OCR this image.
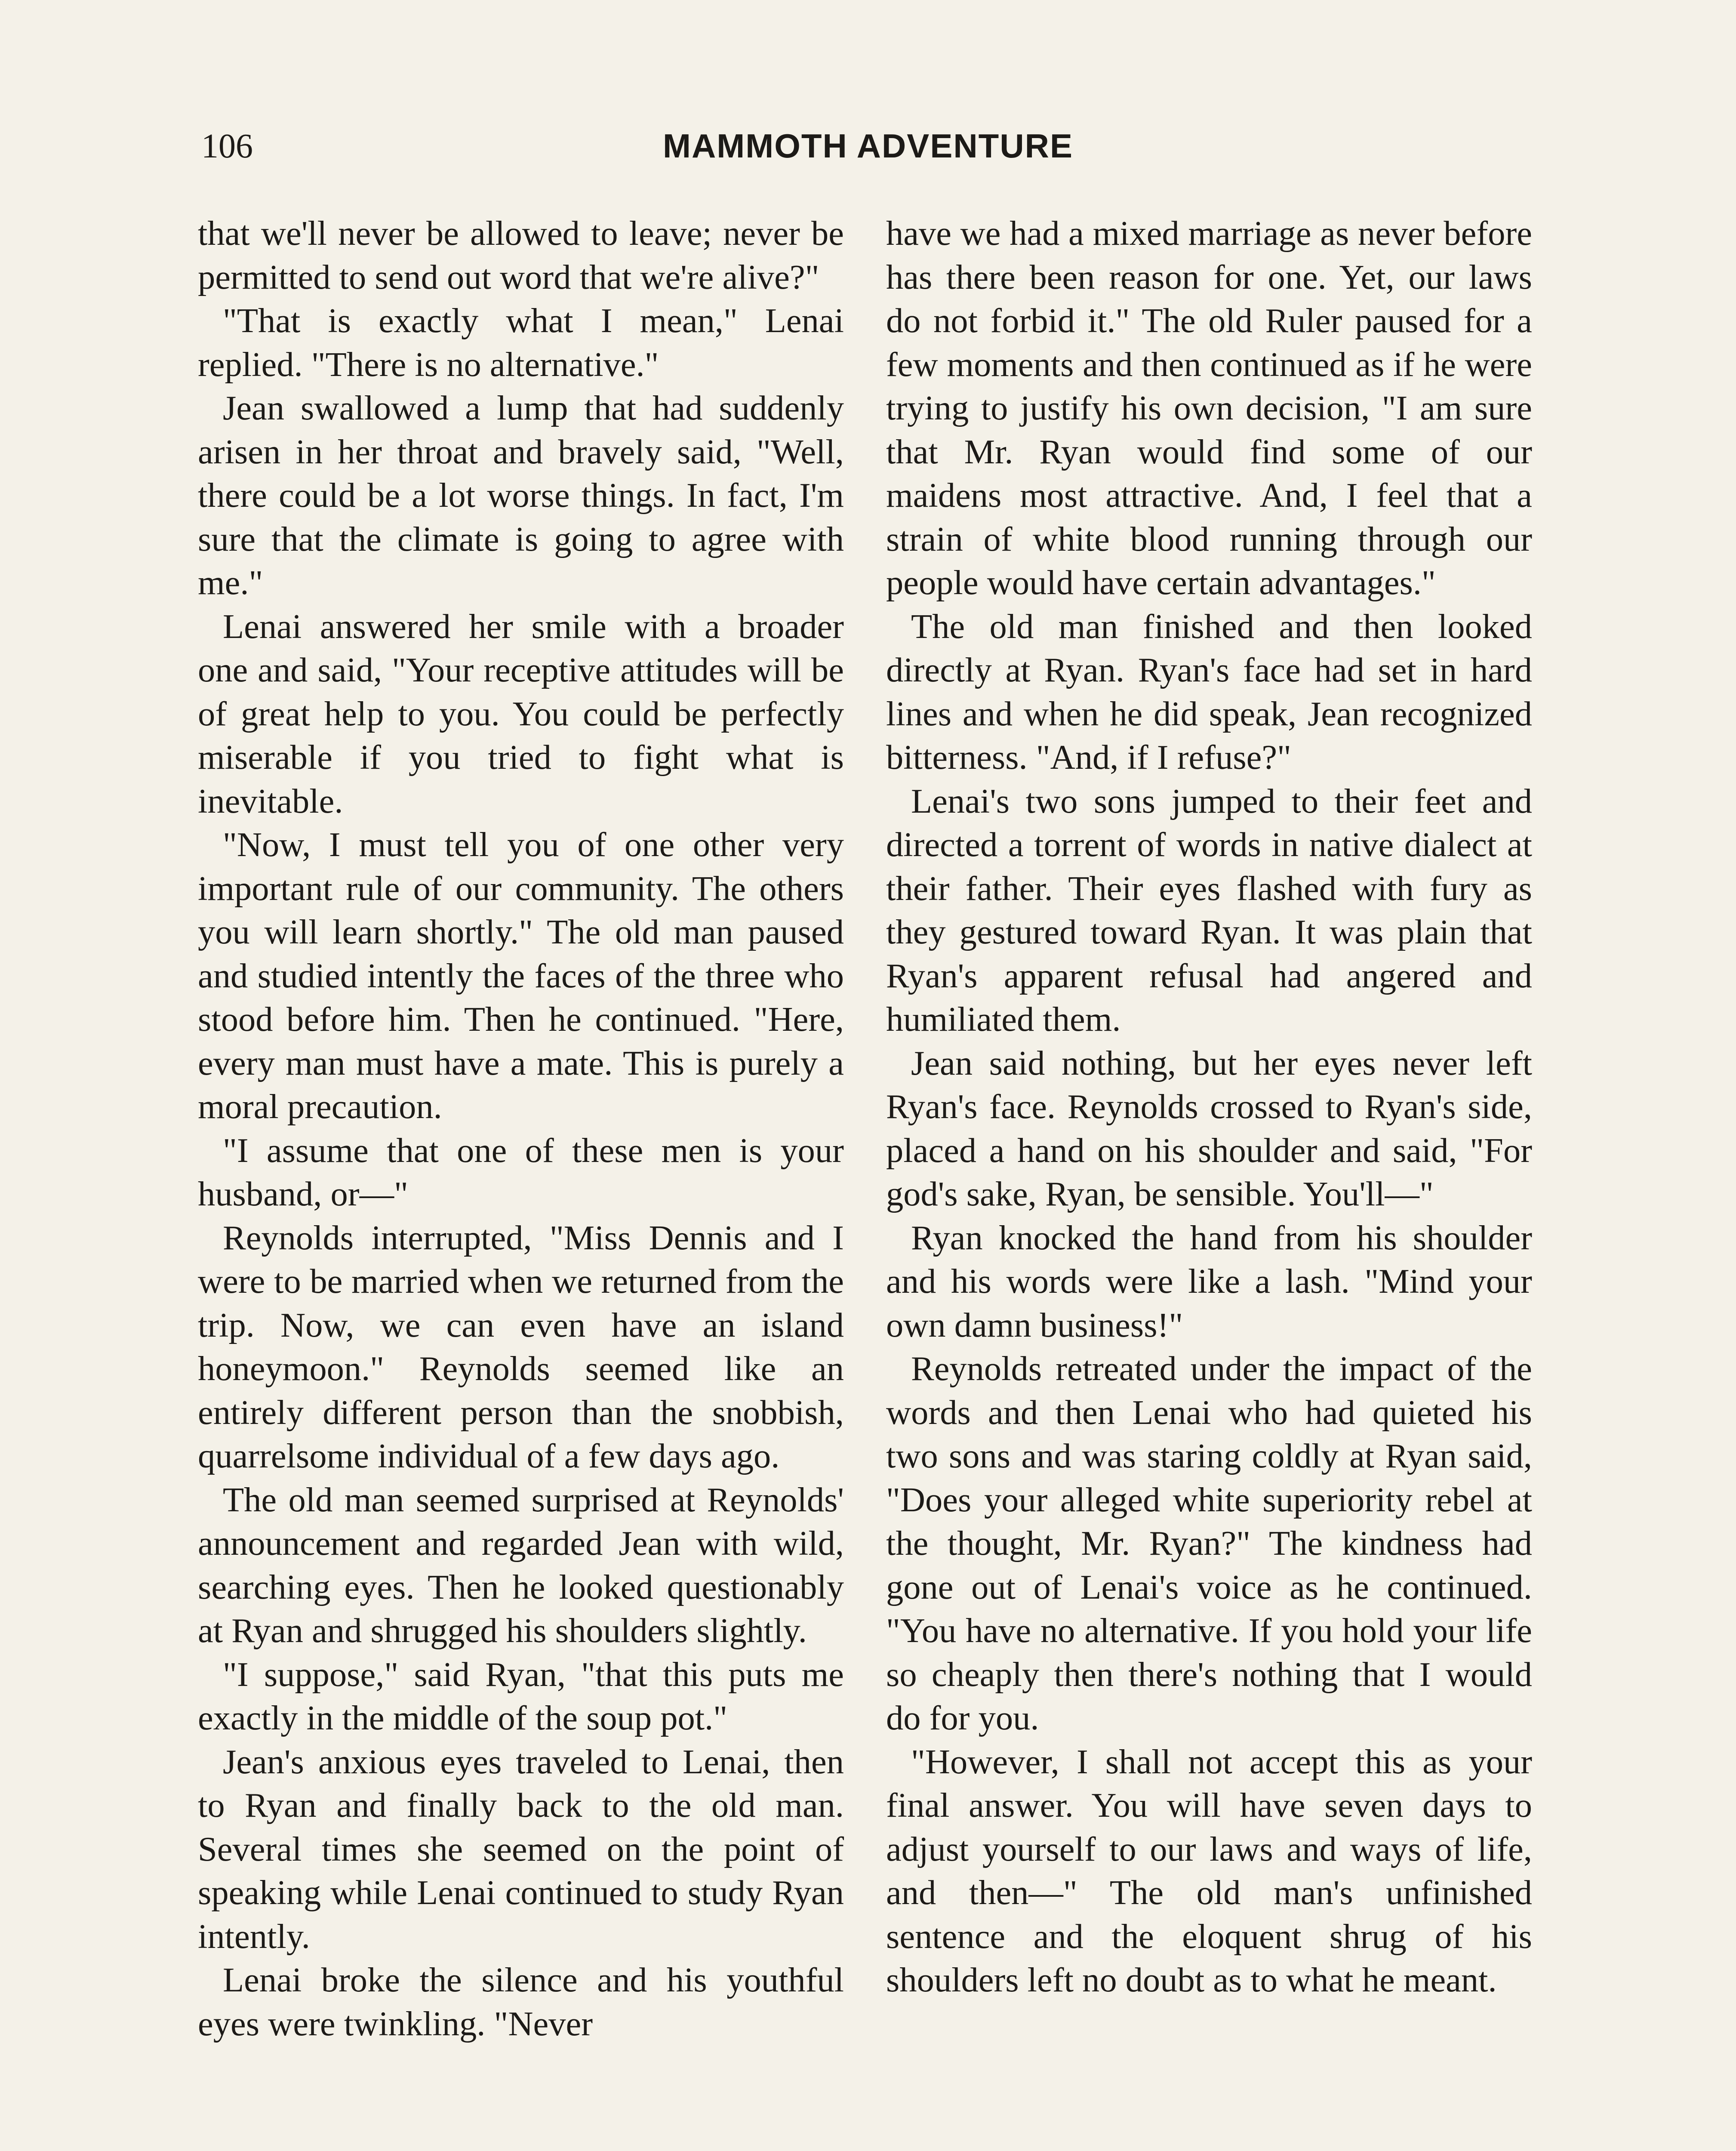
106	MAMMOTH ADVENTURE

that we'll never be allowed to leave; never be permitted to send out word that we're alive?"

"That is exactly what I mean," Lenai replied. "There is no alternative."

Jean swallowed a lump that had suddenly arisen in her throat and bravely said, "Well, there could be a lot worse things. In fact, I'm sure that the climate is going to agree with me."

Lenai answered her smile with a broader one and said, "Your receptive attitudes will be of great help to you. You could be perfectly miserable if you tried to fight what is inevitable.

"Now, I must tell you of one other very important rule of our community. The others you will learn shortly." The old man paused and studied intently the faces of the three who stood before him. Then he continued. "Here, every man must have a mate. This is purely a moral precaution.

"I assume that one of these men is your husband, or—"

Reynolds interrupted, "Miss Dennis and I were to be married when we returned from the trip. Now, we can even have an island honeymoon." Reynolds seemed like an entirely different person than the snobbish, quarrelsome individual of a few days ago.

The old man seemed surprised at Reynolds' announcement and regarded Jean with wild, searching eyes. Then he looked questionably at Ryan and shrugged his shoulders slightly.

"I suppose," said Ryan, "that this puts me exactly in the middle of the soup pot."

Jean's anxious eyes traveled to Lenai, then to Ryan and finally back to the old man. Several times she seemed on the point of speaking while Lenai continued to study Ryan intently.

Lenai broke the silence and his youthful eyes were twinkling. "Never

have we had a mixed marriage as never before has there been reason for one. Yet, our laws do not forbid it." The old Ruler paused for a few moments and then continued as if he were trying to justify his own decision, "I am sure that Mr. Ryan would find some of our maidens most attractive. And, I feel that a strain of white blood running through our people would have certain advantages."

The old man finished and then looked directly at Ryan. Ryan's face had set in hard lines and when he did speak, Jean recognized bitterness. "And, if I refuse?"

Lenai's two sons jumped to their feet and directed a torrent of words in native dialect at their father. Their eyes flashed with fury as they gestured toward Ryan. It was plain that Ryan's apparent refusal had angered and humiliated them.

Jean said nothing, but her eyes never left Ryan's face. Reynolds crossed to Ryan's side, placed a hand on his shoulder and said, "For god's sake, Ryan, be sensible. You'll—"

Ryan knocked the hand from his shoulder and his words were like a lash. "Mind your own damn business!"

Reynolds retreated under the impact of the words and then Lenai who had quieted his two sons and was staring coldly at Ryan said, "Does your alleged white superiority rebel at the thought, Mr. Ryan?" The kindness had gone out of Lenai's voice as he continued. "You have no alternative. If you hold your life so cheaply then there's nothing that I would do for you.

"However, I shall not accept this as your final answer. You will have seven days to adjust yourself to our laws and ways of life, and then—" The old man's unfinished sentence and the eloquent shrug of his shoulders left no doubt as to what he meant.
